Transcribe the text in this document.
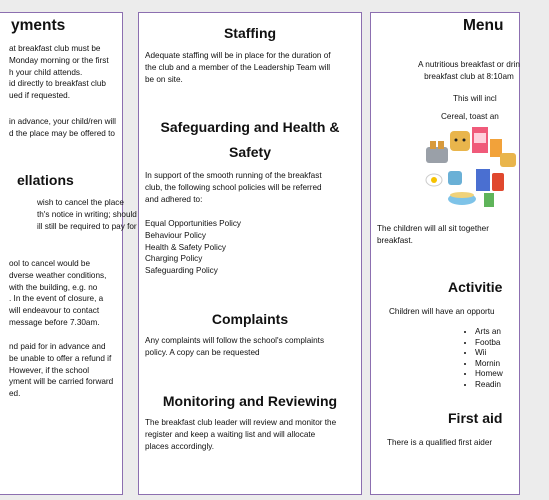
yments
at breakfast club must be
Monday morning or the first
h your child attends.
id directly to breakfast club
ued if requested.
in advance, your child/ren will
d the place may be offered to
ellations
wish to cancel the place
th's notice in writing; should
ill still be required to pay for
ool to cancel would be
dverse weather conditions,
with the building, e.g. no
. In the event of closure, a
will endeavour to contact
message before 7.30am.
nd paid for in advance and
be unable to offer a refund if
However, if the school
yment will be carried forward
ed.
Staffing
Adequate staffing will be in place for the duration of
the club and a member of the Leadership Team will
be on site.
Safeguarding and Health &
Safety
In support of the smooth running of the breakfast
club, the following school policies will be referred
and adhered to:
Equal Opportunities Policy
Behaviour Policy
Health & Safety Policy
Charging Policy
Safeguarding Policy
Complaints
Any complaints will follow the school's complaints
policy. A copy can be requested
Monitoring and Reviewing
The breakfast club leader will review and monitor the
register and keep a waiting list and will allocate
places accordingly.
Menu
A nutritious breakfast or drin
breakfast club at 8:10am
This will incl
Cereal, toast an
The children will all sit together
breakfast.
Activitie
Children will have an opportu
• Arts an
• Footba
• Wii
• Mornin
• Homew
• Readin
First aid
There is a qualified first aider
